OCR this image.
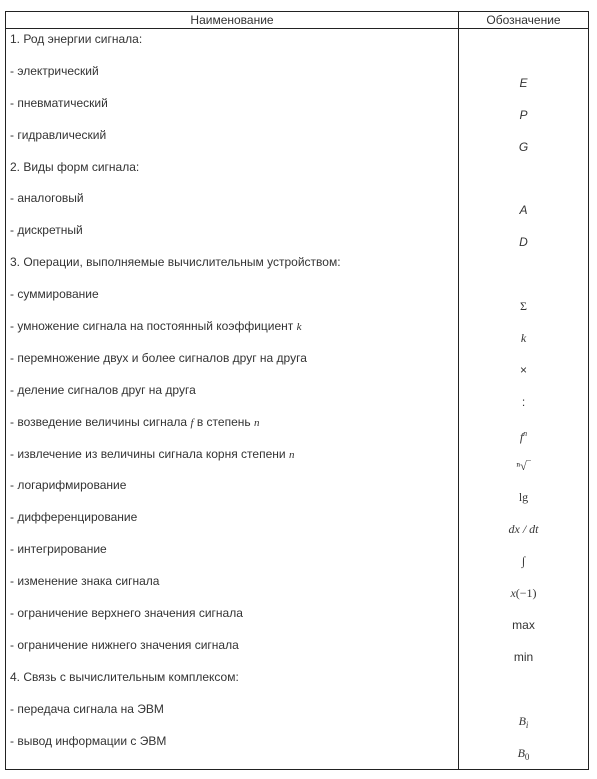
Наименование	Обозначение
1. Род энергии сигнала:
- электрический
- пневматический
- гидравлический
2. Виды форм сигнала:
- аналоговый
- дискретный
3. Операции, выполняемые вычислительным устройством:
- суммирование
- умножение сигнала на постоянный коэффициент k
- перемножение двух и более сигналов друг на друга
- деление сигналов друг на друга
- возведение величины сигнала f в степень n
- извлечение из величины сигнала корня степени n
- логарифмирование
- дифференцирование
- интегрирование
- изменение знака сигнала
- ограничение верхнего значения сигнала
- ограничение нижнего значения сигнала
4. Связь с вычислительным комплексом:
- передача сигнала на ЭВМ
- вывод информации с ЭВМ
E
P
G
A
D
Σ
k
×
:
$f^n$
ⁿ√‾
lg
dx / dt
∫
x(−1)
max
min
$B_i$
$B_0$
